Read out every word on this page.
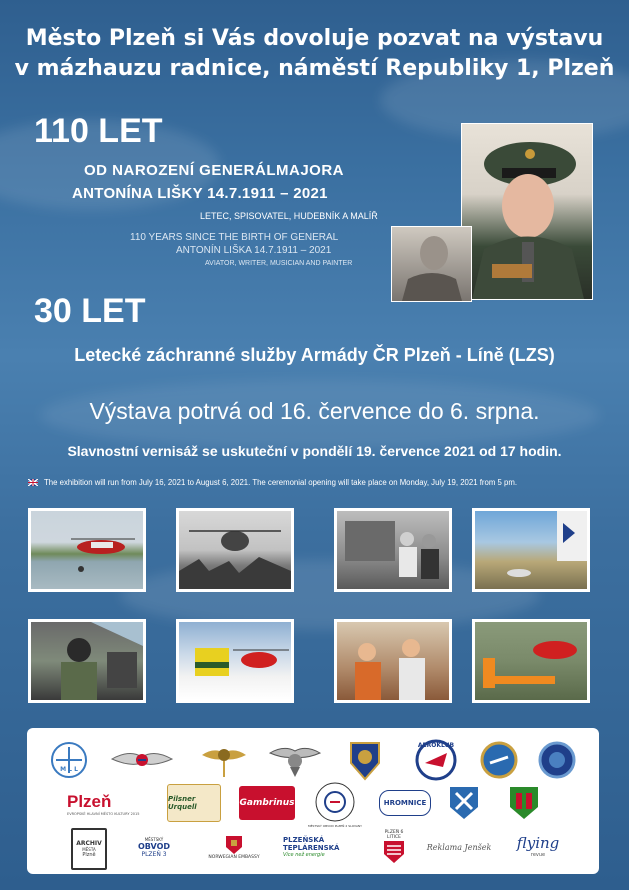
Město Plzeň si Vás dovoluje pozvat na výstavu
v mázhauzu radnice, náměstí Republiky 1, Plzeň
110 LET
OD NAROZENÍ GENERÁLMAJORA
ANTONÍNA LIŠKY 14.7.1911 – 2021
LETEC, SPISOVATEL, HUDEBNÍK A MALÍŘ
110 YEARS SINCE THE BIRTH OF GENERAL
ANTONÍN LIŠKA 14.7.1911 – 2021
AVIATOR, WRITER, MUSICIAN AND PAINTER
30 LET
Letecké záchranné služby Armády ČR Plzeň - Líně (LZS)
Výstava potrvá od 16. července do 6. srpna.
Slavnostní vernisáž se uskuteční v pondělí 19. července 2021 od 17 hodin.
The exhibition will run from July 16, 2021 to August 6, 2021. The ceremonial opening will take place on Monday, July 19, 2021 from 5 pm.
M L L
AEROKLUB
Plzeň
EVROPSKÉ HLAVNÍ MĚSTO KULTURY 2015
Pilsner Urquell	Gambrinus
MĚSTSKÝ OBVOD PLZEŇ 2 SLOVANY
HROMNICE
ARCHIV
MĚSTA
Plzně
MĚSTSKÝ
OBVOD
PLZEŇ 3	NORWEGIAN EMBASSY
PLZEŇSKÁ
TEPLÁRENSKÁ
Více než energie
PLZEŇ 6
LITICE
Reklama Jenšek flying
revue
